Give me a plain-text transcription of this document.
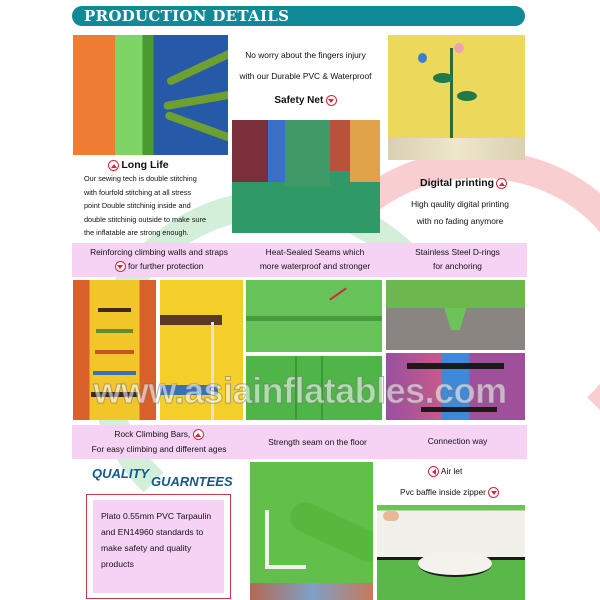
PRODUCTION DETAILS
No worry about the fingers injury
with our Durable PVC & Waterproof
Safety Net
Long Life
Our sewing tech is double stitching
with fourfold stitching at all stress
point Double stitchinig inside and
double stitchinig outside to make sure
the inflatable are strong enough.
Digital printing
High qaulity digital printing
with no fading anymore
Reinforcing climbing walls and straps
for further protection
Heat-Sealed Seams which
more waterproof and stronger
Stainless Steel D-rings
for anchoring
www.asiainflatables.com
Rock Climbing Bars,
For easy climbing and different ages
Strength seam on the floor	Connection way
QUALITY
GUARNTEES
Plato 0.55mm PVC Tarpaulin
and EN14960 standards to
make safety and quality
products
Air let
Pvc baffle inside zipper
